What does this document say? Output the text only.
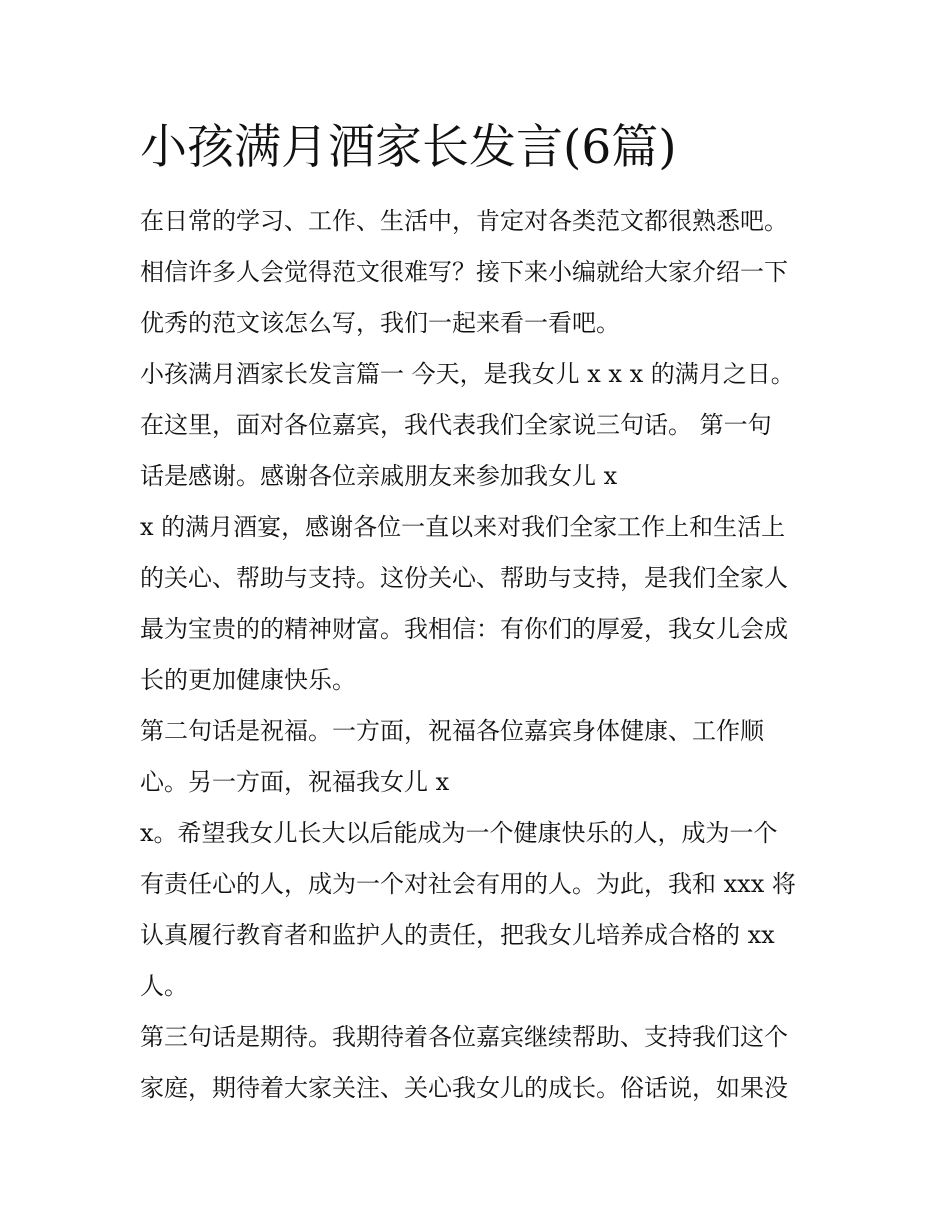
小孩满月酒家长发言(6篇)

在日常的学习、工作、生活中，肯定对各类范文都很熟悉吧。

相信许多人会觉得范文很难写？接下来小编就给大家介绍一下

优秀的范文该怎么写，我们一起来看一看吧。

小孩满月酒家长发言篇一 今天，是我女儿 x x x 的满月之日。

在这里，面对各位嘉宾，我代表我们全家说三句话。 第一句

话是感谢。感谢各位亲戚朋友来参加我女儿 x

x 的满月酒宴，感谢各位一直以来对我们全家工作上和生活上

的关心、帮助与支持。这份关心、帮助与支持，是我们全家人

最为宝贵的的精神财富。我相信：有你们的厚爱，我女儿会成

长的更加健康快乐。

第二句话是祝福。一方面，祝福各位嘉宾身体健康、工作顺

心。另一方面，祝福我女儿 x

x。希望我女儿长大以后能成为一个健康快乐的人，成为一个

有责任心的人，成为一个对社会有用的人。为此，我和 xxx 将

认真履行教育者和监护人的责任，把我女儿培养成合格的 xx

人。

第三句话是期待。我期待着各位嘉宾继续帮助、支持我们这个

家庭，期待着大家关注、关心我女儿的成长。俗话说，如果没
